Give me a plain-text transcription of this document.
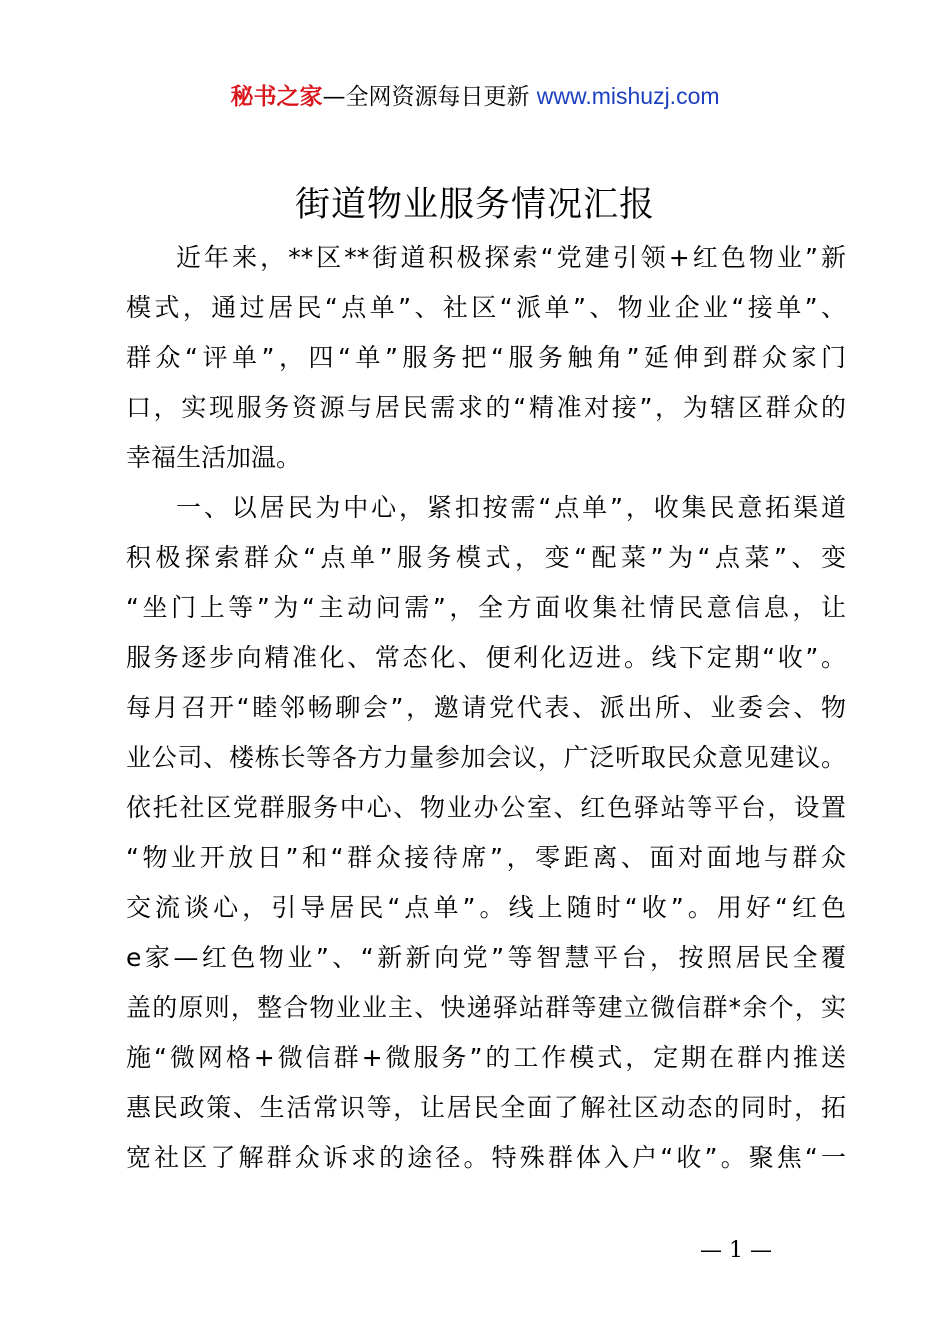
秘书之家—全网资源每日更新 www.mishuzj.com
街道物业服务情况汇报
近年来，**区**街道积极探索“党建引领+红色物业”新
模式，通过居民“点单”、社区“派单”、物业企业“接单”、
群众“评单”，四“单”服务把“服务触角”延伸到群众家门
口，实现服务资源与居民需求的“精准对接”，为辖区群众的
幸福生活加温。
一、以居民为中心，紧扣按需“点单”，收集民意拓渠道
积极探索群众“点单”服务模式，变“配菜”为“点菜”、变
“坐门上等”为“主动问需”，全方面收集社情民意信息，让
服务逐步向精准化、常态化、便利化迈进。线下定期“收”。
每月召开“睦邻畅聊会”，邀请党代表、派出所、业委会、物
业公司、楼栋长等各方力量参加会议，广泛听取民众意见建议。
依托社区党群服务中心、物业办公室、红色驿站等平台，设置
“物业开放日”和“群众接待席”，零距离、面对面地与群众
交流谈心，引导居民“点单”。线上随时“收”。用好“红色
e家—红色物业”、“新新向党”等智慧平台，按照居民全覆
盖的原则，整合物业业主、快递驿站群等建立微信群*余个，实
施“微网格+微信群+微服务”的工作模式，定期在群内推送
惠民政策、生活常识等，让居民全面了解社区动态的同时，拓
宽社区了解群众诉求的途径。特殊群体入户“收”。聚焦“一
— 1 —
